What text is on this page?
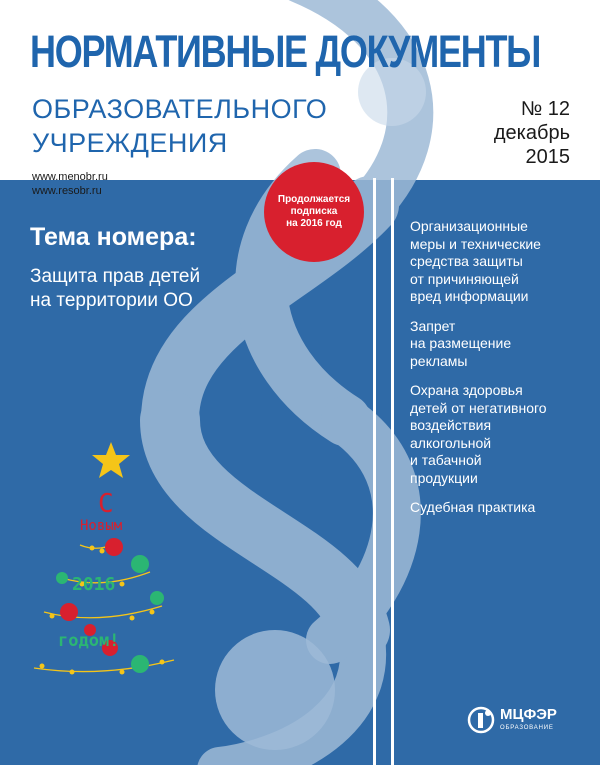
НОРМАТИВНЫЕ ДОКУМЕНТЫ
ОБРАЗОВАТЕЛЬНОГО
УЧРЕЖДЕНИЯ
№ 12
декабрь
2015
www.menobr.ru
www.resobr.ru
Продолжается
подписка
на 2016 год
Тема номера:
Защита прав детей
на территории ОО
Организационные
меры и технические
средства защиты
от причиняющей
вред информации
Запрет
на размещение
рекламы
Охрана здоровья
детей от негативного
воздействия
алкогольной
и табачной
продукции
Судебная практика
С
Новым
2016
годом!
МЦФЭР
ОБРАЗОВАНИЕ
